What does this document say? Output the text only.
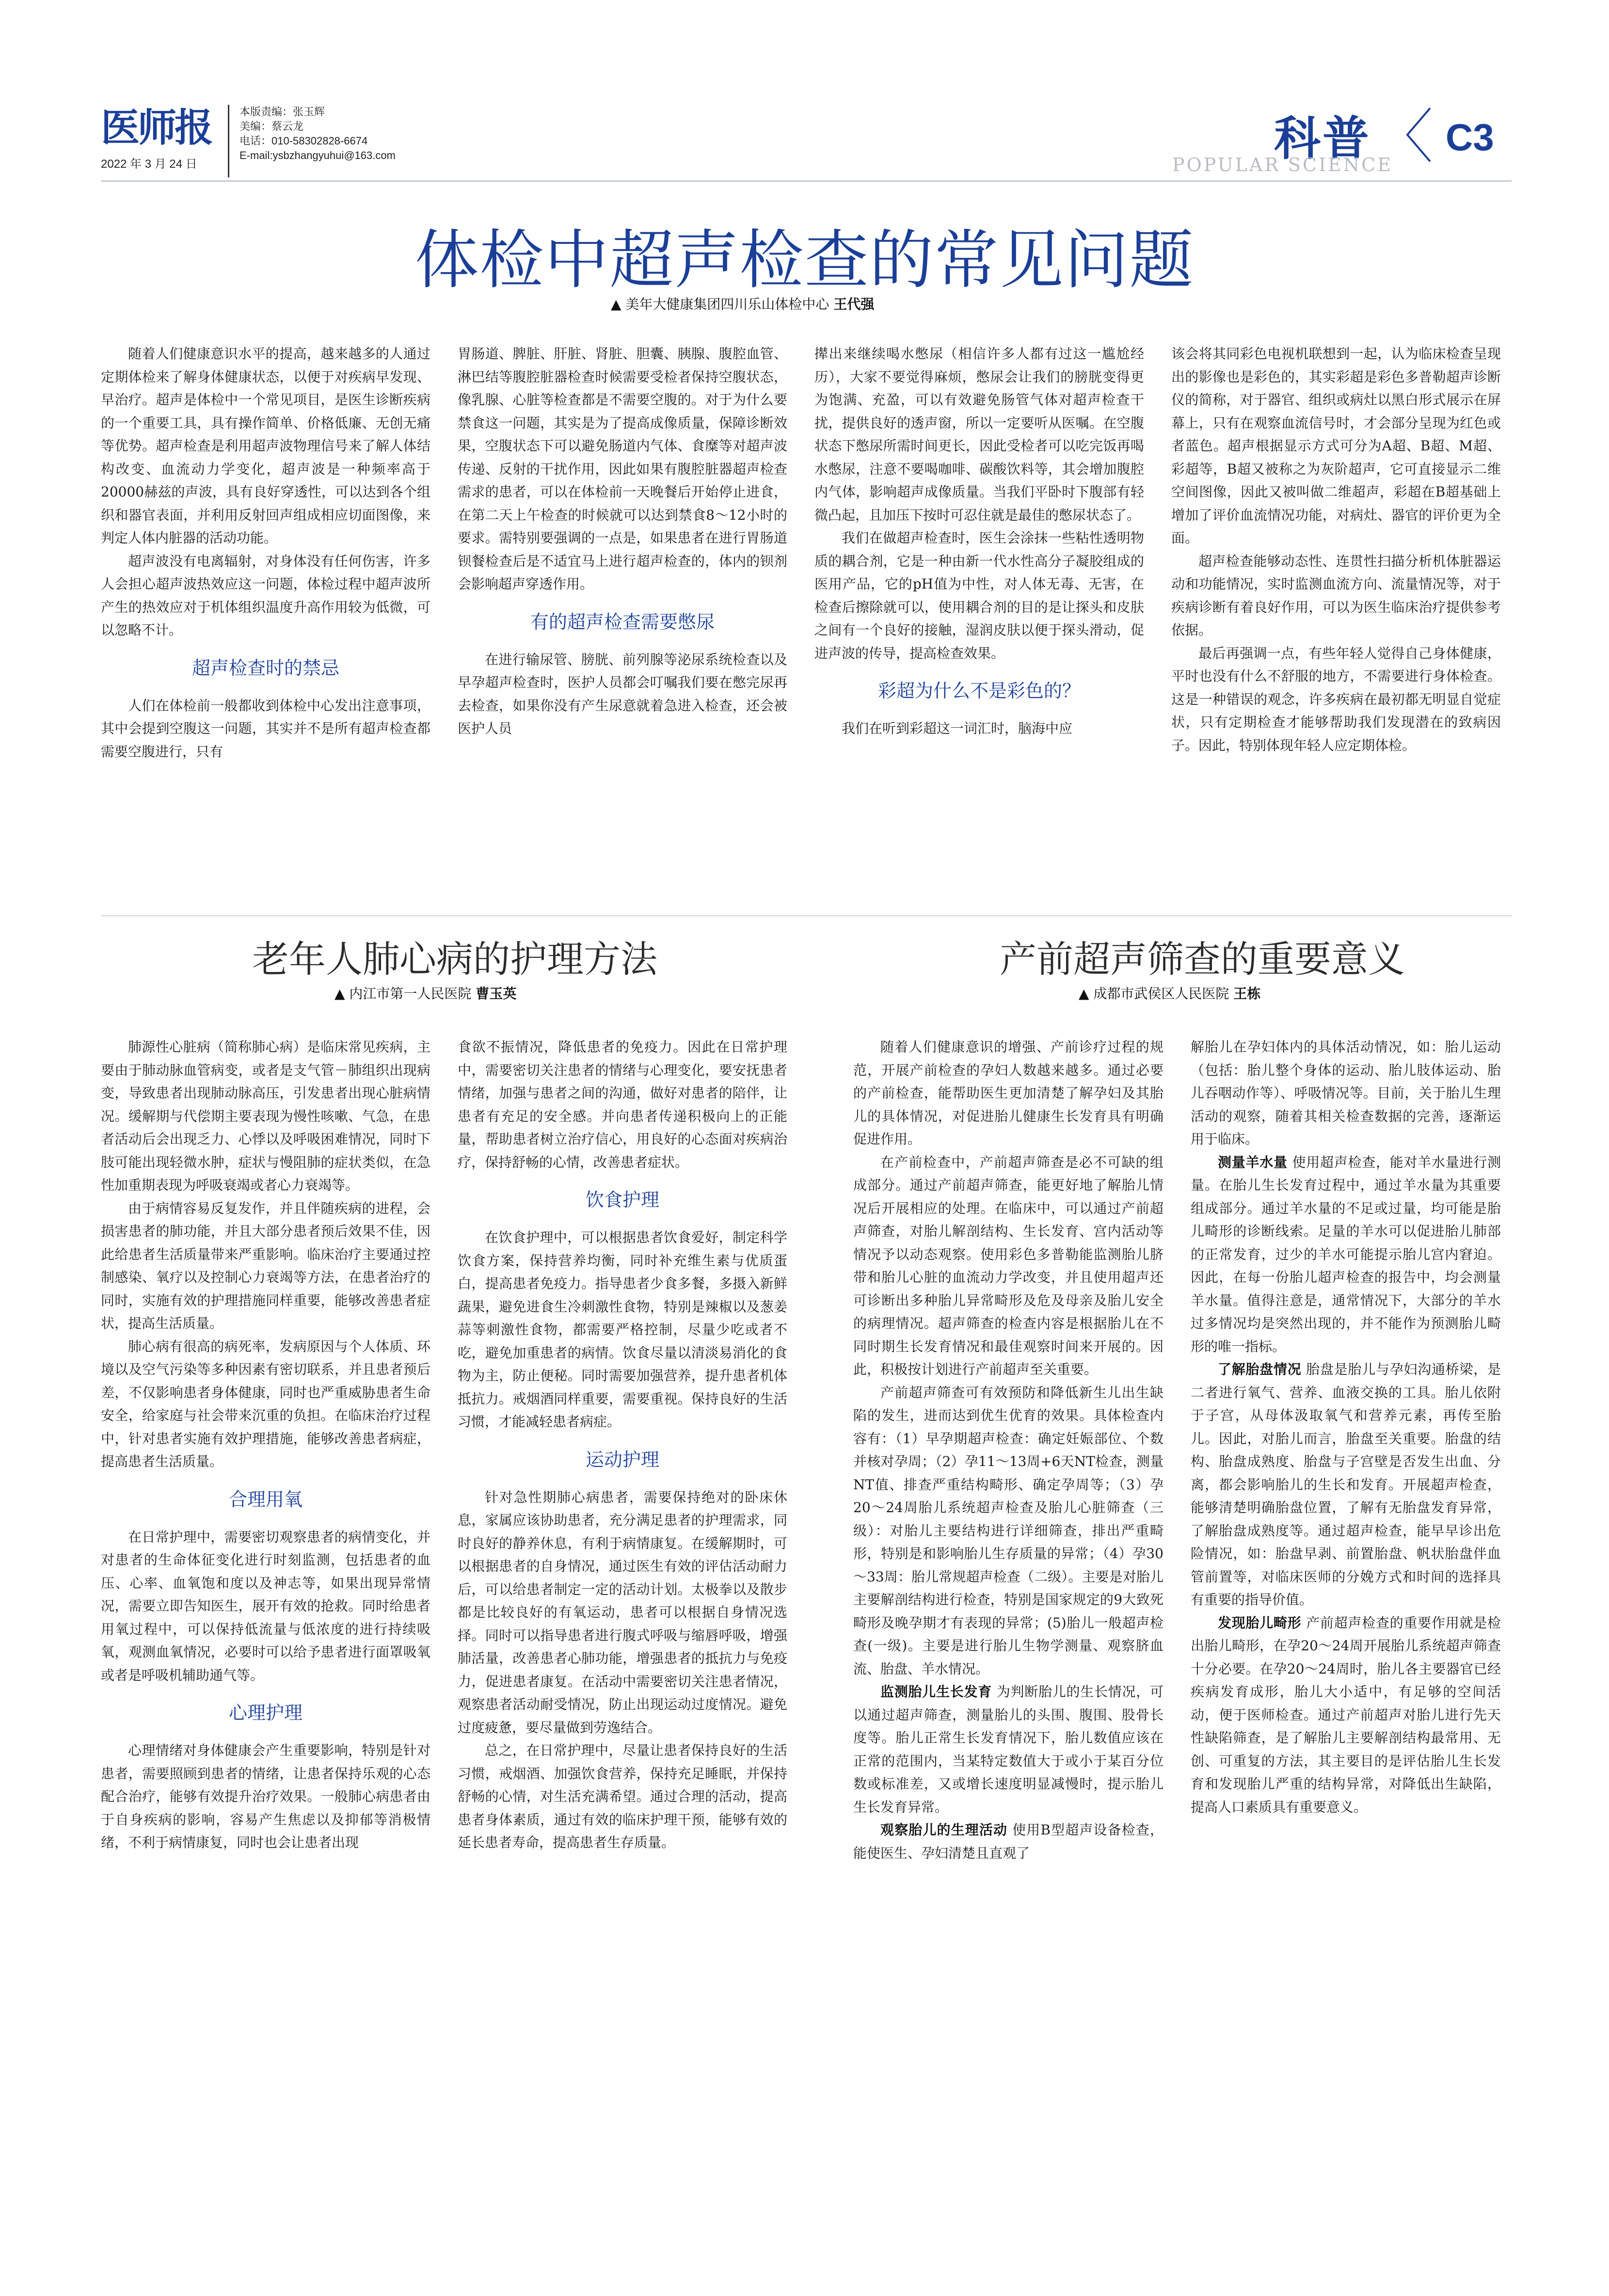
医师报
2022 年 3 月 24 日
本版责编：张玉辉
美编：蔡云龙
电话：010-58302828-6674
E-mail:ysbzhangyuhui@163.com	科普
POPULAR SCIENCE
C3
体检中超声检查的常见问题
▲ 美年大健康集团四川乐山体检中心 王代强

随着人们健康意识水平的提高，越来越多的人通过定期体检来了解身体健康状态，以便于对疾病早发现、早治疗。超声是体检中一个常见项目，是医生诊断疾病的一个重要工具，具有操作简单、价格低廉、无创无痛等优势。超声检查是利用超声波物理信号来了解人体结构改变、血流动力学变化，超声波是一种频率高于20000赫兹的声波，具有良好穿透性，可以达到各个组织和器官表面，并利用反射回声组成相应切面图像，来判定人体内脏器的活动功能。

超声波没有电离辐射，对身体没有任何伤害，许多人会担心超声波热效应这一问题，体检过程中超声波所产生的热效应对于机体组织温度升高作用较为低微，可以忽略不计。

超声检查时的禁忌

人们在体检前一般都收到体检中心发出注意事项，其中会提到空腹这一问题，其实并不是所有超声检查都需要空腹进行，只有

胃肠道、脾脏、肝脏、肾脏、胆囊、胰腺、腹腔血管、淋巴结等腹腔脏器检查时候需要受检者保持空腹状态，像乳腺、心脏等检查都是不需要空腹的。对于为什么要禁食这一问题，其实是为了提高成像质量，保障诊断效果，空腹状态下可以避免肠道内气体、食糜等对超声波传递、反射的干扰作用，因此如果有腹腔脏器超声检查需求的患者，可以在体检前一天晚餐后开始停止进食，在第二天上午检查的时候就可以达到禁食8～12小时的要求。需特别要强调的一点是，如果患者在进行胃肠道钡餐检查后是不适宜马上进行超声检查的，体内的钡剂会影响超声穿透作用。

有的超声检查需要憋尿

在进行输尿管、膀胱、前列腺等泌尿系统检查以及早孕超声检查时，医护人员都会叮嘱我们要在憋完尿再去检查，如果你没有产生尿意就着急进入检查，还会被医护人员

撵出来继续喝水憋尿（相信许多人都有过这一尴尬经历），大家不要觉得麻烦，憋尿会让我们的膀胱变得更为饱满、充盈，可以有效避免肠管气体对超声检查干扰，提供良好的透声窗，所以一定要听从医嘱。在空腹状态下憋尿所需时间更长，因此受检者可以吃完饭再喝水憋尿，注意不要喝咖啡、碳酸饮料等，其会增加腹腔内气体，影响超声成像质量。当我们平卧时下腹部有轻微凸起，且加压下按时可忍住就是最佳的憋尿状态了。

我们在做超声检查时，医生会涂抹一些粘性透明物质的耦合剂，它是一种由新一代水性高分子凝胶组成的医用产品，它的pH值为中性，对人体无毒、无害，在检查后擦除就可以，使用耦合剂的目的是让探头和皮肤之间有一个良好的接触，湿润皮肤以便于探头滑动，促进声波的传导，提高检查效果。

彩超为什么不是彩色的？

我们在听到彩超这一词汇时，脑海中应

该会将其同彩色电视机联想到一起，认为临床检查呈现出的影像也是彩色的，其实彩超是彩色多普勒超声诊断仪的简称，对于器官、组织或病灶以黑白形式展示在屏幕上，只有在观察血流信号时，才会部分呈现为红色或者蓝色。超声根据显示方式可分为A超、B超、M超、彩超等，B超又被称之为灰阶超声，它可直接显示二维空间图像，因此又被叫做二维超声，彩超在B超基础上增加了评价血流情况功能，对病灶、器官的评价更为全面。

超声检查能够动态性、连贯性扫描分析机体脏器运动和功能情况，实时监测血流方向、流量情况等，对于疾病诊断有着良好作用，可以为医生临床治疗提供参考依据。

最后再强调一点，有些年轻人觉得自己身体健康，平时也没有什么不舒服的地方，不需要进行身体检查。这是一种错误的观念，许多疾病在最初都无明显自觉症状，只有定期检查才能够帮助我们发现潜在的致病因子。因此，特别体现年轻人应定期体检。

老年人肺心病的护理方法
▲ 内江市第一人民医院 曹玉英

肺源性心脏病（简称肺心病）是临床常见疾病，主要由于肺动脉血管病变，或者是支气管－肺组织出现病变，导致患者出现肺动脉高压，引发患者出现心脏病情况。缓解期与代偿期主要表现为慢性咳嗽、气急，在患者活动后会出现乏力、心悸以及呼吸困难情况，同时下肢可能出现轻微水肿，症状与慢阻肺的症状类似，在急性加重期表现为呼吸衰竭或者心力衰竭等。

由于病情容易反复发作，并且伴随疾病的进程，会损害患者的肺功能，并且大部分患者预后效果不佳，因此给患者生活质量带来严重影响。临床治疗主要通过控制感染、氧疗以及控制心力衰竭等方法，在患者治疗的同时，实施有效的护理措施同样重要，能够改善患者症状，提高生活质量。

肺心病有很高的病死率，发病原因与个人体质、环境以及空气污染等多种因素有密切联系，并且患者预后差，不仅影响患者身体健康，同时也严重威胁患者生命安全，给家庭与社会带来沉重的负担。在临床治疗过程中，针对患者实施有效护理措施，能够改善患者病症，提高患者生活质量。

合理用氧

在日常护理中，需要密切观察患者的病情变化，并对患者的生命体征变化进行时刻监测，包括患者的血压、心率、血氧饱和度以及神志等，如果出现异常情况，需要立即告知医生，展开有效的抢救。同时给患者用氧过程中，可以保持低流量与低浓度的进行持续吸氧，观测血氧情况，必要时可以给予患者进行面罩吸氧或者是呼吸机辅助通气等。

心理护理

心理情绪对身体健康会产生重要影响，特别是针对患者，需要照顾到患者的情绪，让患者保持乐观的心态配合治疗，能够有效提升治疗效果。一般肺心病患者由于自身疾病的影响，容易产生焦虑以及抑郁等消极情绪，不利于病情康复，同时也会让患者出现

食欲不振情况，降低患者的免疫力。因此在日常护理中，需要密切关注患者的情绪与心理变化，要安抚患者情绪，加强与患者之间的沟通，做好对患者的陪伴，让患者有充足的安全感。并向患者传递积极向上的正能量，帮助患者树立治疗信心，用良好的心态面对疾病治疗，保持舒畅的心情，改善患者症状。

饮食护理

在饮食护理中，可以根据患者饮食爱好，制定科学饮食方案，保持营养均衡，同时补充维生素与优质蛋白，提高患者免疫力。指导患者少食多餐，多摄入新鲜蔬果，避免进食生冷刺激性食物，特别是辣椒以及葱姜蒜等刺激性食物，都需要严格控制，尽量少吃或者不吃，避免加重患者的病情。饮食尽量以清淡易消化的食物为主，防止便秘。同时需要加强营养，提升患者机体抵抗力。戒烟酒同样重要，需要重视。保持良好的生活习惯，才能减轻患者病症。

运动护理

针对急性期肺心病患者，需要保持绝对的卧床休息，家属应该协助患者，充分满足患者的护理需求，同时良好的静养休息，有利于病情康复。在缓解期时，可以根据患者的自身情况，通过医生有效的评估活动耐力后，可以给患者制定一定的活动计划。太极拳以及散步都是比较良好的有氧运动，患者可以根据自身情况选择。同时可以指导患者进行腹式呼吸与缩唇呼吸，增强肺活量，改善患者心肺功能，增强患者的抵抗力与免疫力，促进患者康复。在活动中需要密切关注患者情况，观察患者活动耐受情况，防止出现运动过度情况。避免过度疲惫，要尽量做到劳逸结合。

总之，在日常护理中，尽量让患者保持良好的生活习惯，戒烟酒、加强饮食营养，保持充足睡眠，并保持舒畅的心情，对生活充满希望。通过合理的活动，提高患者身体素质，通过有效的临床护理干预，能够有效的延长患者寿命，提高患者生存质量。

产前超声筛查的重要意义
▲ 成都市武侯区人民医院 王栋

随着人们健康意识的增强、产前诊疗过程的规范，开展产前检查的孕妇人数越来越多。通过必要的产前检查，能帮助医生更加清楚了解孕妇及其胎儿的具体情况，对促进胎儿健康生长发育具有明确促进作用。

在产前检查中，产前超声筛查是必不可缺的组成部分。通过产前超声筛查，能更好地了解胎儿情况后开展相应的处理。在临床中，可以通过产前超声筛查，对胎儿解剖结构、生长发育、宫内活动等情况予以动态观察。使用彩色多普勒能监测胎儿脐带和胎儿心脏的血流动力学改变，并且使用超声还可诊断出多种胎儿异常畸形及危及母亲及胎儿安全的病理情况。超声筛查的检查内容是根据胎儿在不同时期生长发育情况和最佳观察时间来开展的。因此，积极按计划进行产前超声至关重要。

产前超声筛查可有效预防和降低新生儿出生缺陷的发生，进而达到优生优育的效果。具体检查内容有：（1）早孕期超声检查：确定妊娠部位、个数并核对孕周；（2）孕11～13周+6天NT检查，测量NT值、排查严重结构畸形、确定孕周等；（3）孕20～24周胎儿系统超声检查及胎儿心脏筛查（三级）：对胎儿主要结构进行详细筛查，排出严重畸形，特别是和影响胎儿生存质量的异常；（4）孕30～33周：胎儿常规超声检查（二级）。主要是对胎儿主要解剖结构进行检查，特别是国家规定的9大致死畸形及晚孕期才有表现的异常；(5)胎儿一般超声检查(一级)。主要是进行胎儿生物学测量、观察脐血流、胎盘、羊水情况。

监测胎儿生长发育 为判断胎儿的生长情况，可以通过超声筛查，测量胎儿的头围、腹围、股骨长度等。胎儿正常生长发育情况下，胎儿数值应该在正常的范围内，当某特定数值大于或小于某百分位数或标准差，又或增长速度明显减慢时，提示胎儿生长发育异常。

观察胎儿的生理活动 使用B型超声设备检查，能使医生、孕妇清楚且直观了

解胎儿在孕妇体内的具体活动情况，如：胎儿运动（包括：胎儿整个身体的运动、胎儿肢体运动、胎儿吞咽动作等）、呼吸情况等。目前，关于胎儿生理活动的观察，随着其相关检查数据的完善，逐渐运用于临床。

测量羊水量 使用超声检查，能对羊水量进行测量。在胎儿生长发育过程中，通过羊水量为其重要组成部分。通过羊水量的不足或过量，均可能是胎儿畸形的诊断线索。足量的羊水可以促进胎儿肺部的正常发育，过少的羊水可能提示胎儿宫内窘迫。因此，在每一份胎儿超声检查的报告中，均会测量羊水量。值得注意是，通常情况下，大部分的羊水过多情况均是突然出现的，并不能作为预测胎儿畸形的唯一指标。

了解胎盘情况 胎盘是胎儿与孕妇沟通桥梁，是二者进行氧气、营养、血液交换的工具。胎儿依附于子宫，从母体汲取氧气和营养元素，再传至胎儿。因此，对胎儿而言，胎盘至关重要。胎盘的结构、胎盘成熟度、胎盘与子宫壁是否发生出血、分离，都会影响胎儿的生长和发育。开展超声检查，能够清楚明确胎盘位置，了解有无胎盘发育异常，了解胎盘成熟度等。通过超声检查，能早早诊出危险情况，如：胎盘早剥、前置胎盘、帆状胎盘伴血管前置等，对临床医师的分娩方式和时间的选择具有重要的指导价值。

发现胎儿畸形 产前超声检查的重要作用就是检出胎儿畸形，在孕20～24周开展胎儿系统超声筛查十分必要。在孕20～24周时，胎儿各主要器官已经疾病发育成形，胎儿大小适中，有足够的空间活动，便于医师检查。通过产前超声对胎儿进行先天性缺陷筛查，是了解胎儿主要解剖结构最常用、无创、可重复的方法，其主要目的是评估胎儿生长发育和发现胎儿严重的结构异常，对降低出生缺陷，提高人口素质具有重要意义。
